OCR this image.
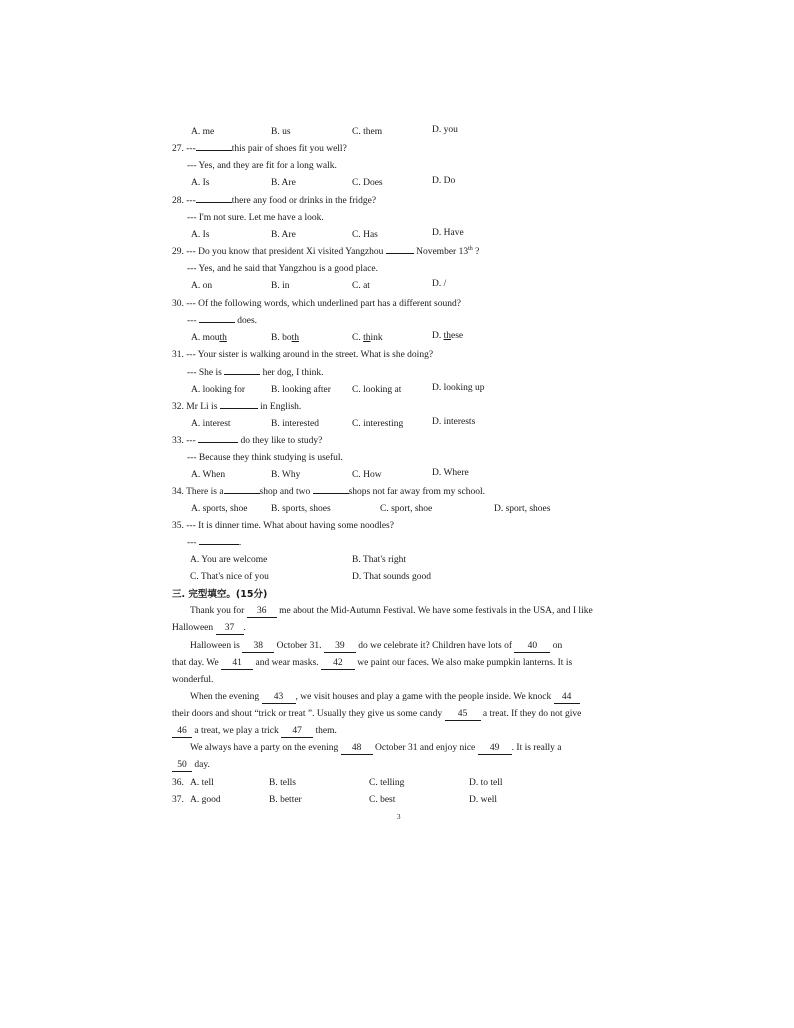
A. me	B. us	C. them	D. you
27. ---	this pair of shoes fit you well?
--- Yes, and they are fit for a long walk.
A. Is	B. Are	C. Does	D. Do
28. ---	there any food or drinks in the fridge?
--- I'm not sure. Let me have a look.
A. Is	B. Are	C. Has	D. Have
29. --- Do you know that president Xi visited Yangzhou	November 13th ?
--- Yes, and he said that Yangzhou is a good place.
A. on	B. in	C. at	D. /
30. --- Of the following words, which underlined part has a different sound?
---	does.
A. mouth	B. both	C. think	D. these
31. --- Your sister is walking around in the street. What is she doing?
--- She is	her dog, I think.
A. looking for	B. looking after C. looking at	D. looking up
32. Mr Li is	in English.
A. interest	B. interested	C. interesting	D. interests
33. ---	do they like to study?
--- Because they think studying is useful.
A. When	B. Why	C. How	D. Where
34. There is a	shop and two	shops not far away from my school.
A. sports, shoe B. sports, shoes	C. sport, shoe	D. sport, shoes
35. --- It is dinner time. What about having some noodles?
---	.
A. You are welcome	B. That's right
C. That's nice of you	D. That sounds good
三. 完型填空。(15分)
Thank you for 36 me about the Mid-Autumn Festival. We have some festivals in the USA, and I like
Halloween 37 .
Halloween is 38 October 31. 39 do we celebrate it? Children have lots of 40 on
that day. We 41 and wear masks. 42 we paint our faces. We also make pumpkin lanterns. It is
wonderful.
When the evening 43 , we visit houses and play a game with the people inside. We knock 44
their doors and shout “trick or treat ”. Usually they give us some candy 45 a treat. If they do not give
46 a treat, we play a trick 47 them.
We always have a party on the evening 48 October 31 and enjoy nice 49 . It is really a
50 day.
36. A. tell	B. tells	C. telling	D. to tell
37. A. good	B. better	C. best	D. well
3
